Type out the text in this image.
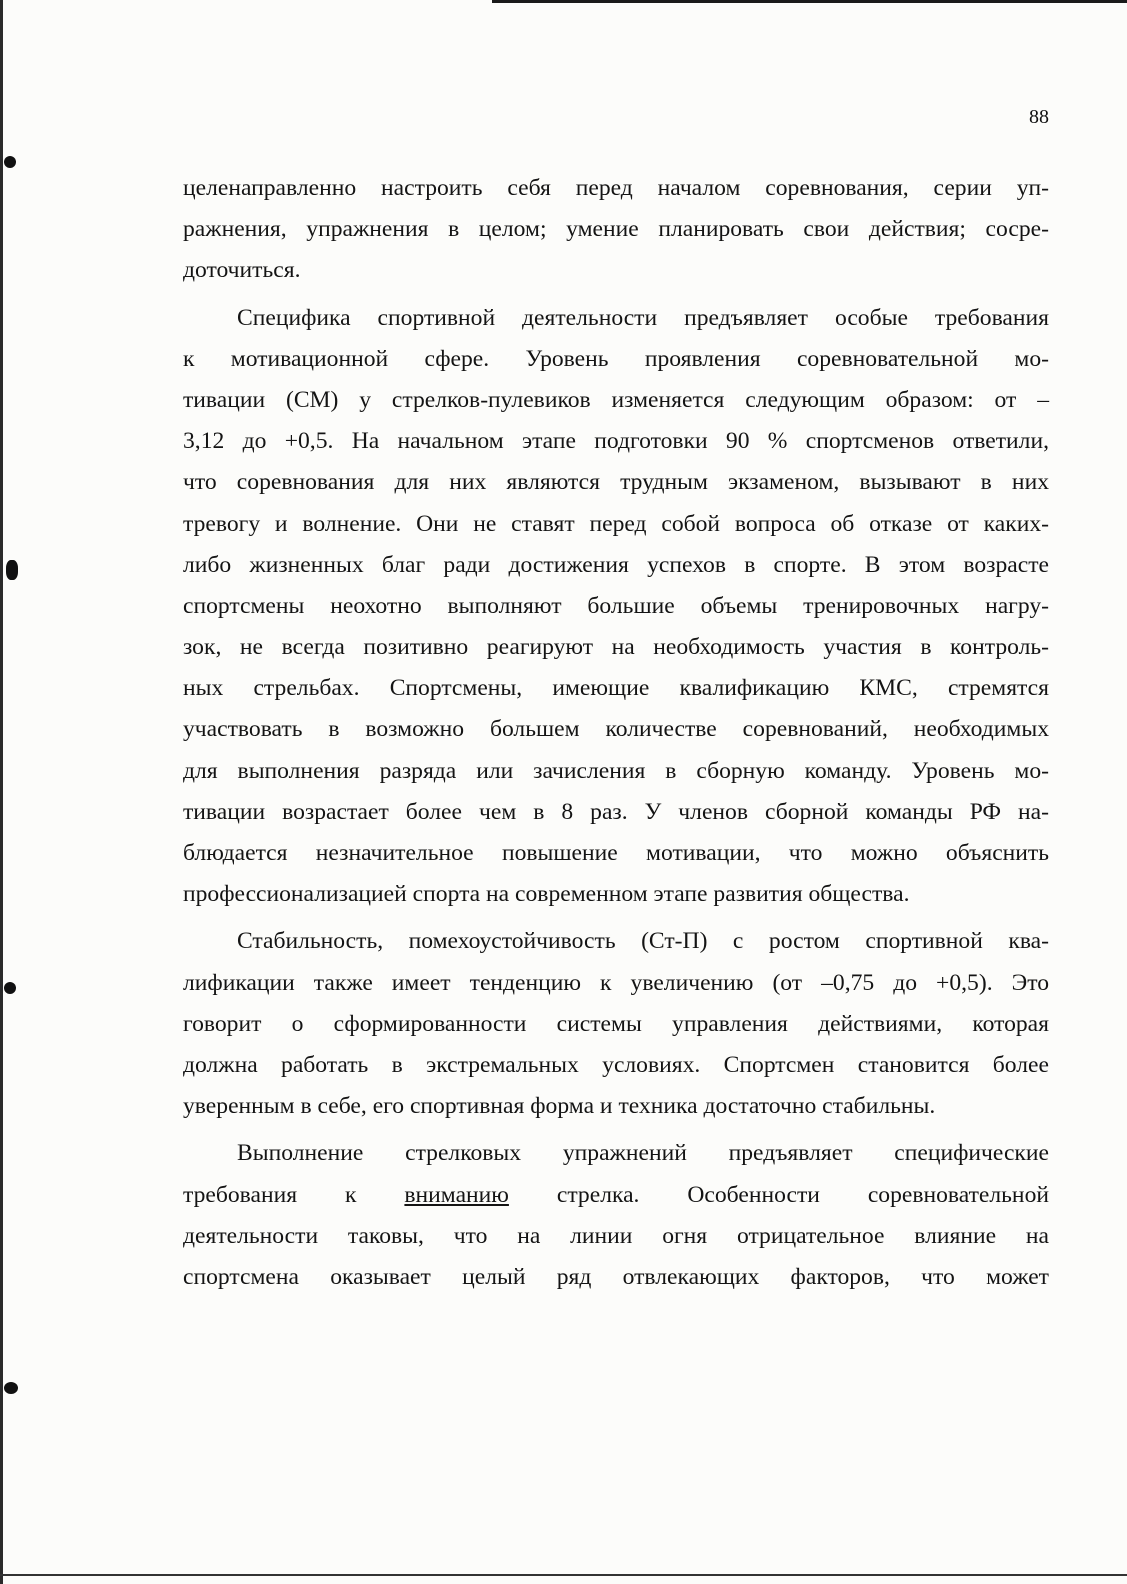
88
целенаправленно настроить себя перед началом соревнования, серии уп-
ражнения, упражнения в целом; умение планировать свои действия; сосре-
доточиться.
Специфика спортивной деятельности предъявляет особые требования
к мотивационной сфере. Уровень проявления соревновательной мо-
тивации (СМ) у стрелков-пулевиков изменяется следующим образом: от –
3,12 до +0,5. На начальном этапе подготовки 90 % спортсменов ответили,
что соревнования для них являются трудным экзаменом, вызывают в них
тревогу и волнение. Они не ставят перед собой вопроса об отказе от каких-
либо жизненных благ ради достижения успехов в спорте. В этом возрасте
спортсмены неохотно выполняют большие объемы тренировочных нагру-
зок, не всегда позитивно реагируют на необходимость участия в контроль-
ных стрельбах. Спортсмены, имеющие квалификацию КМС, стремятся
участвовать в возможно большем количестве соревнований, необходимых
для выполнения разряда или зачисления в сборную команду. Уровень мо-
тивации возрастает более чем в 8 раз. У членов сборной команды РФ на-
блюдается незначительное повышение мотивации, что можно объяснить
профессионализацией спорта на современном этапе развития общества.
Стабильность, помехоустойчивость (Ст-П) с ростом спортивной ква-
лификации также имеет тенденцию к увеличению (от –0,75 до +0,5). Это
говорит о сформированности системы управления действиями, которая
должна работать в экстремальных условиях. Спортсмен становится более
уверенным в себе, его спортивная форма и техника достаточно стабильны.
Выполнение стрелковых упражнений предъявляет специфические
требования к вниманию стрелка. Особенности соревновательной
деятельности таковы, что на линии огня отрицательное влияние на
спортсмена оказывает целый ряд отвлекающих факторов, что может
